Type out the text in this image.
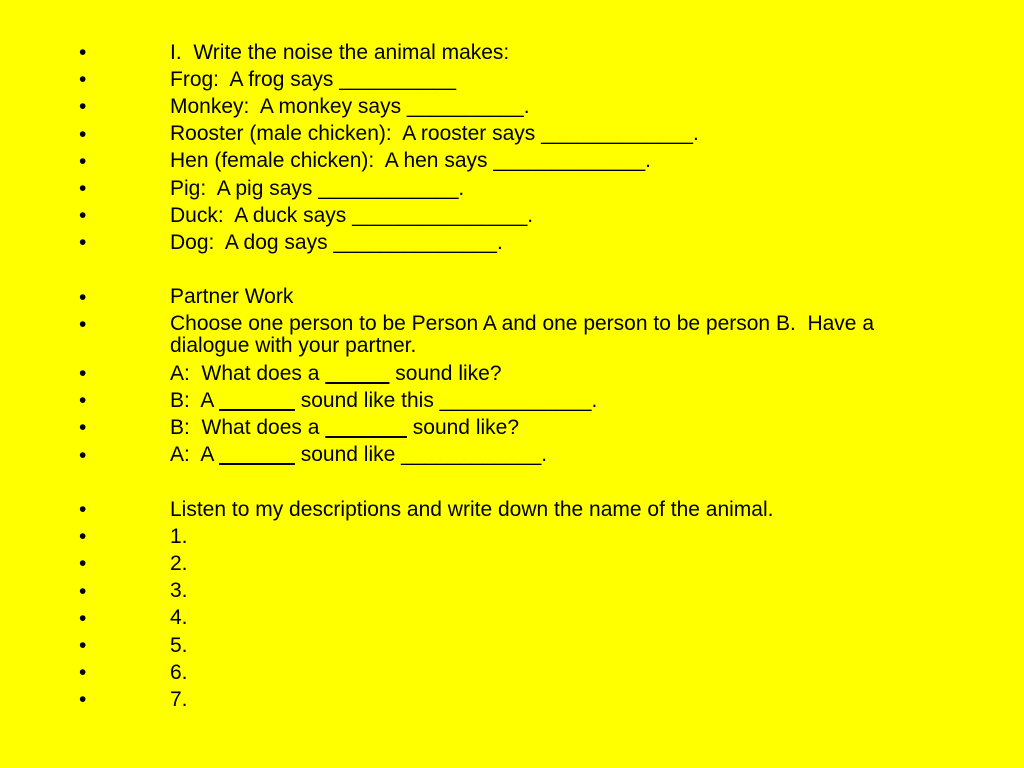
•	I.  Write the noise the animal makes:
•	Frog:  A frog says __________
•	Monkey:  A monkey says __________.
•	Rooster (male chicken):  A rooster says _____________.
•	Hen (female chicken):  A hen says _____________.
•	Pig:  A pig says ____________.
•	Duck:  A duck says _______________.
•	Dog:  A dog says ______________.
•	Partner Work
•	Choose one person to be Person A and one person to be person B.  Have a dialogue with your partner.
•	A:  What does a	sound like?
•	B:  A	sound like this _____________.
•	B:  What does a	sound like?
•	A:  A	sound like ____________.
•	Listen to my descriptions and write down the name of the animal.
•	1.
•	2.
•	3.
•	4.
•	5.
•	6.
•	7.
